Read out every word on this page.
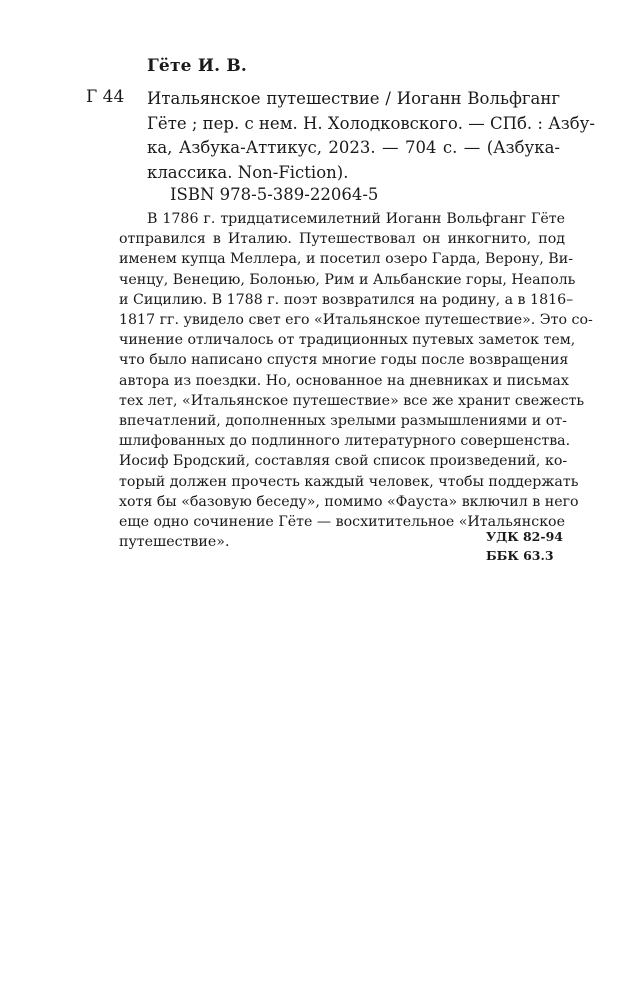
Гёте И. В.
Г 44 Итальянское путешествие / Иоганн Вольфганг
Гёте ; пер. с нем. Н. Холодковского. — СПб. : Азбу-
ка, Азбука-Аттикус, 2023. — 704 с. — (Азбука-
классика. Non-Fiction).
ISBN 978-5-389-22064-5
В 1786 г. тридцатисемилетний Иоганн Вольфганг Гёте
отправился в Италию. Путешествовал он инкогнито, под
именем купца Меллера, и посетил озеро Гарда, Верону, Ви-
ченцу, Венецию, Болонью, Рим и Альбанские горы, Неаполь
и Сицилию. В 1788 г. поэт возвратился на родину, а в 1816–
1817 гг. увидело свет его «Итальянское путешествие». Это со-
чинение отличалось от традиционных путевых заметок тем,
что было написано спустя многие годы после возвращения
автора из поездки. Но, основанное на дневниках и письмах
тех лет, «Итальянское путешествие» все же хранит свежесть
впечатлений, дополненных зрелыми размышлениями и от-
шлифованных до подлинного литературного совершенства.
Иосиф Бродский, составляя свой список произведений, ко-
торый должен прочесть каждый человек, чтобы поддержать
хотя бы «базовую беседу», помимо «Фауста» включил в него
еще одно сочинение Гёте — восхитительное «Итальянское
путешествие».	УДК 82-94
ББК 63.3
